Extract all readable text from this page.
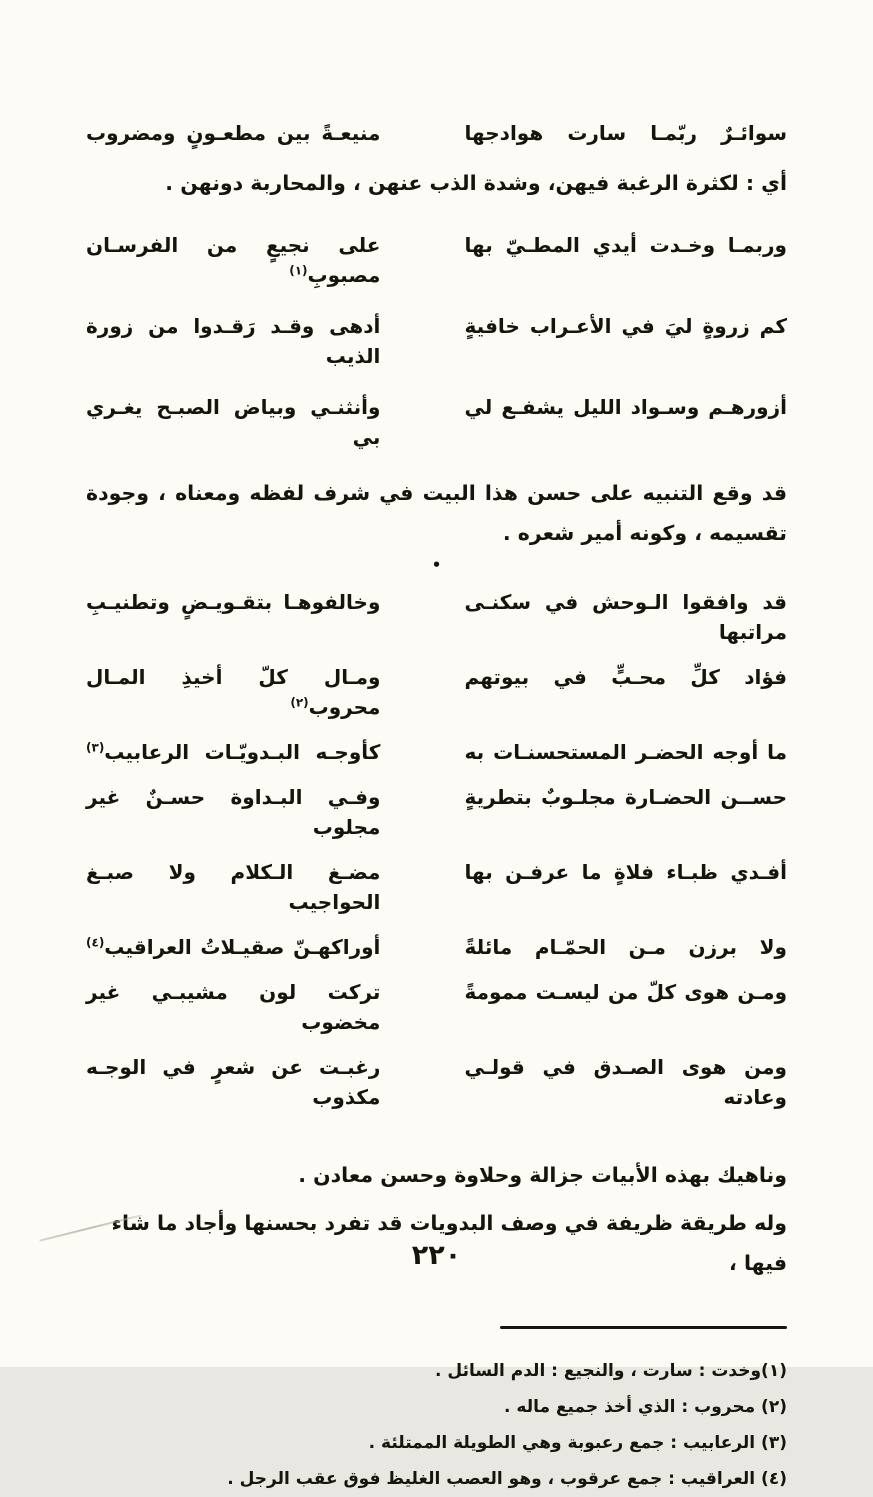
سوائـرٌ ربّمـا سارت هوادجها
منيعـةً بين مطعـونٍ ومضروب

أي : لكثرة الرغبة فيهن، وشدة الذب عنهن ، والمحاربة دونهن .

وربمـا وخـدت أيدي المطـيّ بها
على نجيعٍ من الفرسـان مصبوبِ$^{(١)}$
كم زروةٍ ليَ في الأعـراب خافيةٍ
أدهى وقـد رَقـدوا من زورة الذيب
أزورهـم وسـواد الليل يشفـع لي
وأنثنـي وبياض الصبـح يغـري بي

قد وقع التنبيه على حسن هذا البيت في شرف لفظه ومعناه ، وجودة تقسيمه ، وكونه أمير شعره .

•
قد وافقوا الـوحش في سكنـى مراتبها
وخالفوهـا بتقـويـضٍ وتطنيـبِ
فؤاد كلِّ محـبٍّ في بيوتهم
ومـال كلّ أخيذِ المـال محروب$^{(٢)}$
ما أوجه الحضـر المستحسنـات به
كأوجـه البـدويّـات الرعابيب$^{(٣)}$
حســن الحضـارة مجلـوبٌ بتطريةٍ
وفـي البـداوة حسـنٌ غير مجلوب
أفـدي ظبـاء فلاةٍ ما عرفـن بها
مضـغ الـكلام ولا صبـغ الحواجيب
ولا برزن مـن الحمّـام مائلةً
أوراكهـنّ صقيـلاتُ العراقيب$^{(٤)}$
ومـن هوى كلّ من ليسـت ممومةً
تركت لون مشيبـي غير مخضوب
ومن هوى الصـدق في قولـي وعادته
رغبـت عن شعرٍ في الوجـه مكذوب

وناهيك بهذه الأبيات جزالة وحلاوة وحسن معادن .

وله طريقة ظريفة في وصف البدويات قد تفرد بحسنها وأجاد ما شاء فيها ،

(١)وخدت : سارت ، والنجيع : الدم السائل .

(٢) محروب : الذي أخذ جميع ماله .

(٣) الرعابيب : جمع رعبوبة وهي الطويلة الممتلئة .

(٤) العراقيب : جمع عرقوب ، وهو العصب الغليظ فوق عقب الرجل .

٢٢٠
